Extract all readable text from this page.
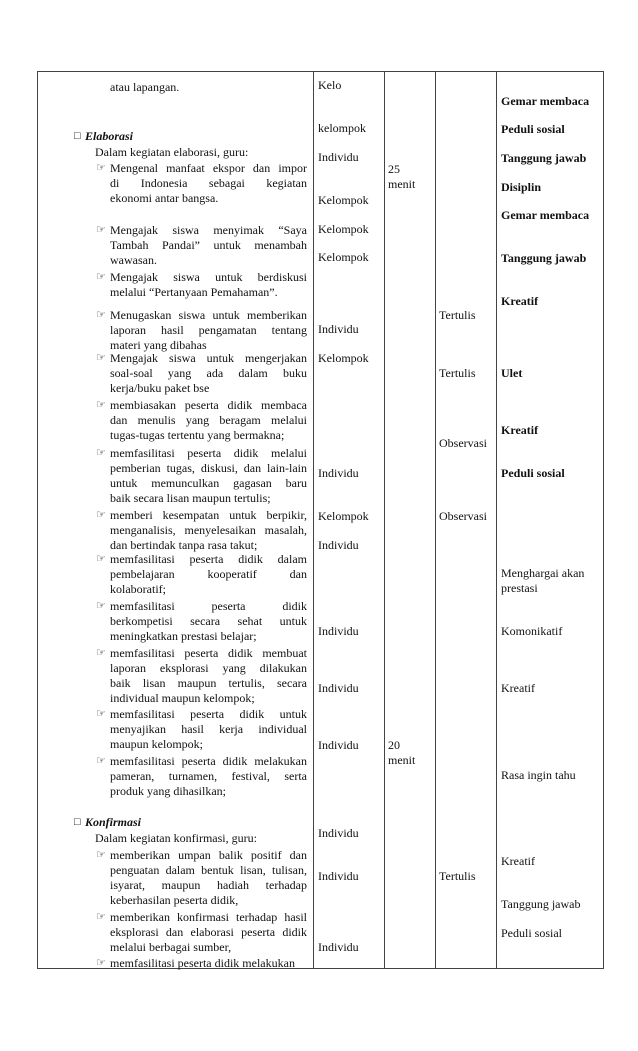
atau lapangan.
□ Elaborasi
Dalam kegiatan elaborasi, guru:
☞ Mengenal manfaat ekspor dan impor
di Indonesia sebagai kegiatan
ekonomi antar bangsa.
☞ Mengajak siswa menyimak “Saya
Tambah Pandai” untuk menambah
wawasan.
☞ Mengajak siswa untuk berdiskusi
melalui “Pertanyaan Pemahaman”.
☞ Menugaskan siswa untuk memberikan
laporan hasil pengamatan tentang
materi yang dibahas
☞ Mengajak siswa untuk mengerjakan
soal-soal yang ada dalam buku
kerja/buku paket bse
☞ membiasakan peserta didik membaca
dan menulis yang beragam melalui
tugas-tugas tertentu yang bermakna;
☞ memfasilitasi peserta didik melalui
pemberian tugas, diskusi, dan lain-lain
untuk memunculkan gagasan baru
baik secara lisan maupun tertulis;
☞ memberi kesempatan untuk berpikir,
menganalisis, menyelesaikan masalah,
dan bertindak tanpa rasa takut;
☞ memfasilitasi peserta didik dalam
pembelajaran kooperatif dan
kolaboratif;
☞ memfasilitasi peserta didik
berkompetisi secara sehat untuk
meningkatkan prestasi belajar;
☞ memfasilitasi peserta didik membuat
laporan eksplorasi yang dilakukan
baik lisan maupun tertulis, secara
individual maupun kelompok;
☞ memfasilitasi peserta didik untuk
menyajikan hasil kerja individual
maupun kelompok;
☞ memfasilitasi peserta didik melakukan
pameran, turnamen, festival, serta
produk yang dihasilkan;
□ Konfirmasi
Dalam kegiatan konfirmasi, guru:
☞ memberikan umpan balik positif dan
penguatan dalam bentuk lisan, tulisan,
isyarat, maupun hadiah terhadap
keberhasilan peserta didik,
☞ memberikan konfirmasi terhadap hasil
eksplorasi dan elaborasi peserta didik
melalui berbagai sumber,
☞ memfasilitasi peserta didik melakukan
Kelo
kelompok
Individu
Kelompok
Kelompok
Kelompok
Individu
Kelompok
Individu
Kelompok
Individu
Individu
Individu
Individu
Individu
Individu
Individu
25
menit
20
menit
Tertulis
Tertulis
Observasi
Observasi
Tertulis
Gemar membaca
Peduli sosial
Tanggung jawab
Disiplin
Gemar membaca
Tanggung jawab
Kreatif
Ulet
Kreatif
Peduli sosial
Menghargai akan
prestasi
Komonikatif
Kreatif
Rasa ingin tahu
Kreatif
Tanggung jawab
Peduli sosial
